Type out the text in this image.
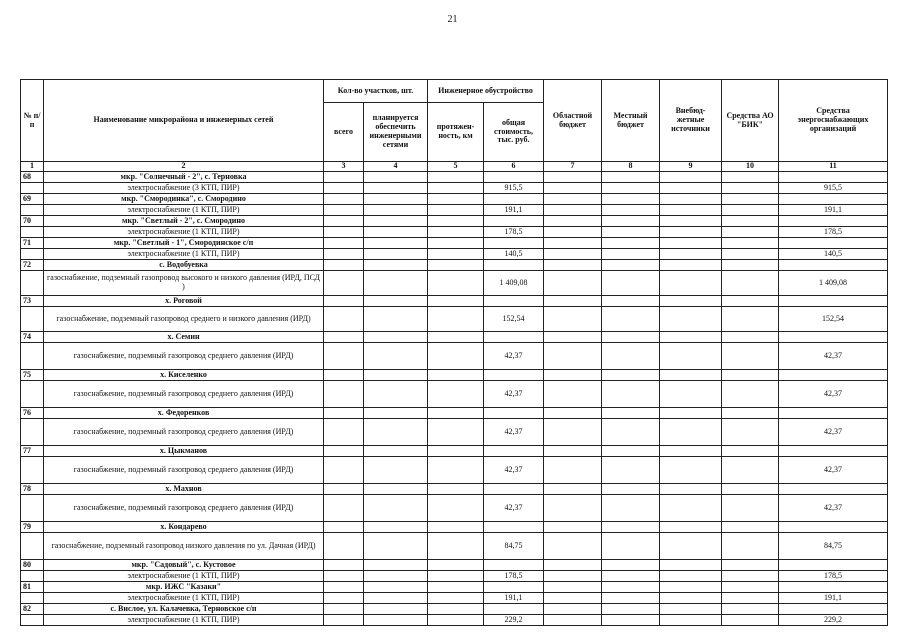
21
№ п/п	Наименование микрорайона и инженерных сетей	Кол-во участков, шт.		Инженерное обустройство		Областной бюджет	Местный бюджет	Внебюд-жетные источники	Средства АО "БИК"	Средства энергоснабжающих организаций
		всего	планируется обеспечить инженерными сетями	протяжен-ность, км	общая стоимость, тыс. руб.					
1	2	3	4	5	6	7	8	9	10	11
68	мкр. "Солнечный - 2", с. Терновка									
	электроснабжение (3 КТП, ПИР)				915,5					915,5
69	мкр. "Смородинка", с. Смородино									
	электроснабжение (1 КТП, ПИР)				191,1					191,1
70	мкр. "Светлый - 2", с. Смородино									
	электроснабжение (1 КТП, ПИР)				178,5					178,5
71	мкр. "Светлый - 1", Смородинское с/п									
	электроснабжение (1 КТП, ПИР)				140,5					140,5
72	с. Водобуевка									
	газоснабжение, подземный газопровод высокого и низкого давления (ИРД, ПСД )				1 409,08					1 409,08
73	х. Роговой									
	газоснабжение, подземный газопровод среднего и низкого давления (ИРД)				152,54					152,54
74	х. Семин									
	газоснабжение, подземный газопровод среднего давления (ИРД)				42,37					42,37
75	х. Киселенко									
	газоснабжение, подземный газопровод среднего давления (ИРД)				42,37					42,37
76	х. Федоренков									
	газоснабжение, подземный газопровод среднего давления (ИРД)				42,37					42,37
77	х. Цыкманов									
	газоснабжение, подземный газопровод среднего давления (ИРД)				42,37					42,37
78	х. Махнов									
	газоснабжение, подземный газопровод среднего давления (ИРД)				42,37					42,37
79	х. Кондарево									
	газоснабжение, подземный газопровод низкого давления по ул. Дачная (ИРД)				84,75					84,75
80	мкр. "Садовый", с. Кустовое									
	электроснабжение (1 КТП, ПИР)				178,5					178,5
81	мкр. ИЖС "Казаки"									
	электроснабжение (1 КТП, ПИР)				191,1					191,1
82	с. Вислое, ул. Калачевка, Терновское с/п									
	электроснабжение (1 КТП, ПИР)				229,2					229,2
